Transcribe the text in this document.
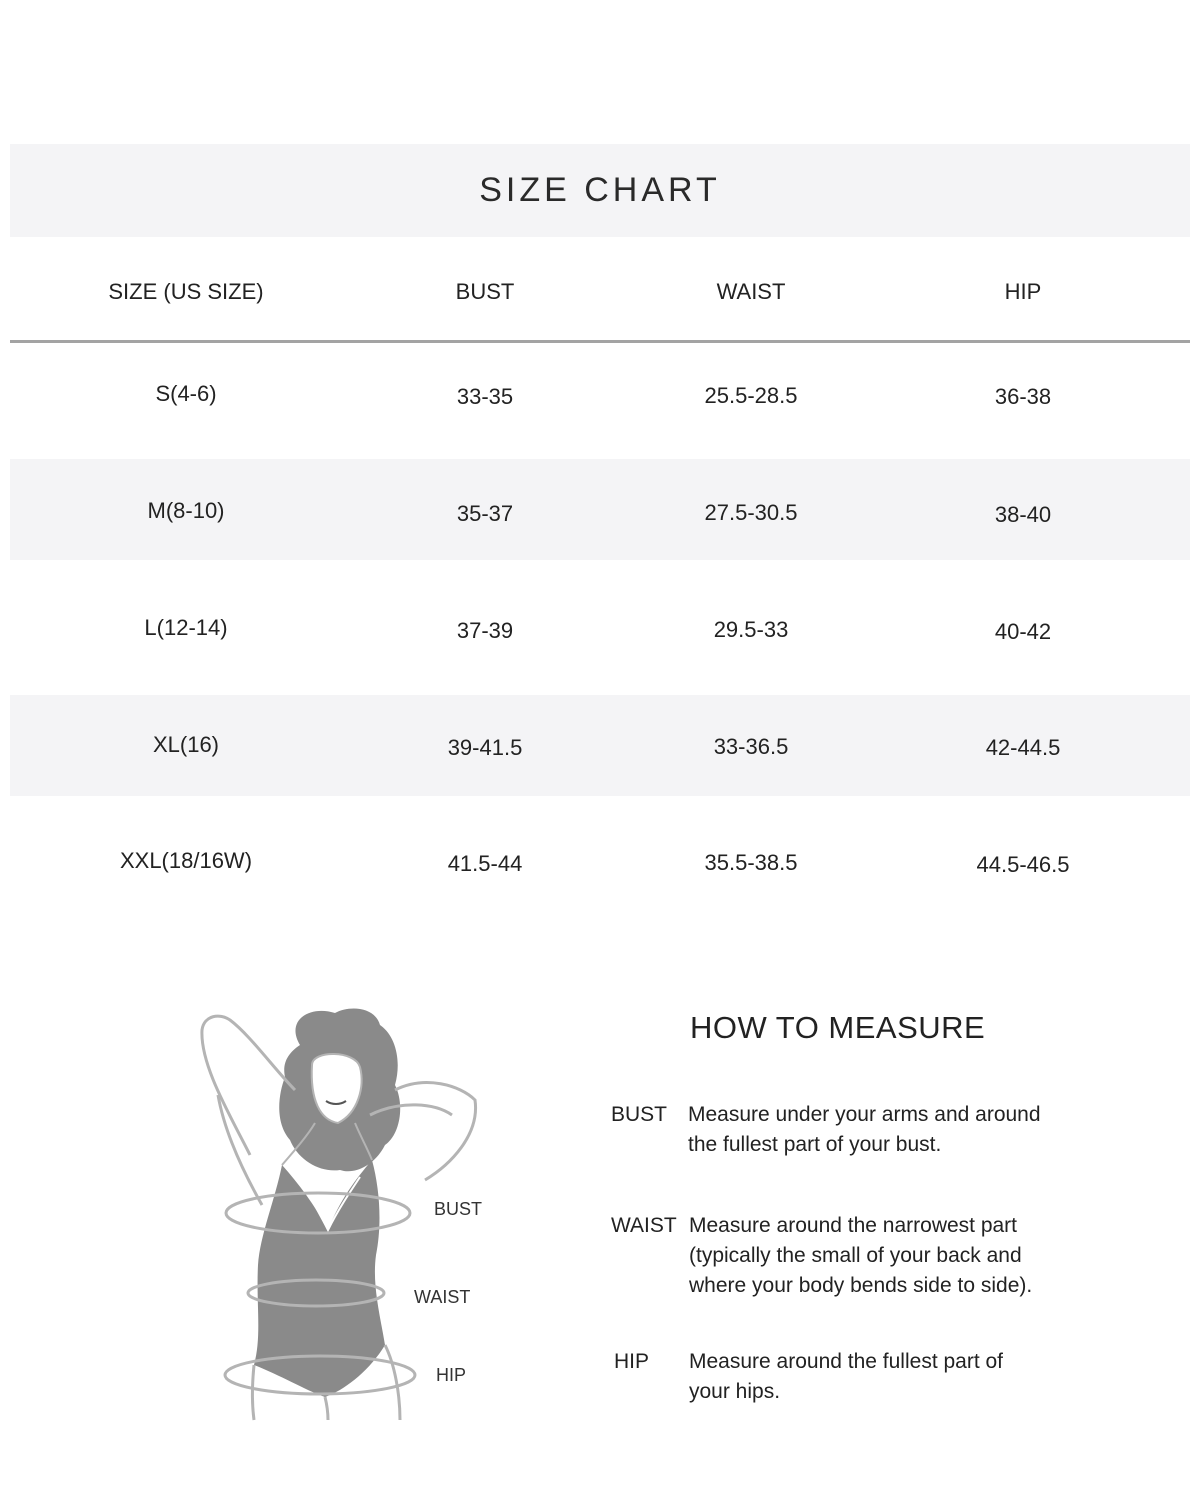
SIZE CHART
SIZE (US SIZE)	BUST	WAIST	HIP
S(4-6)	33-35	25.5-28.5	36-38
M(8-10)	35-37	27.5-30.5	38-40
L(12-14)	37-39	29.5-33	40-42
XL(16)	39-41.5	33-36.5	42-44.5
XXL(18/16W)	41.5-44	35.5-38.5	44.5-46.5
BUST
WAIST
HIP
HOW TO MEASURE
BUST Measure under your arms and around
the fullest part of your bust.

WAIST Measure around the narrowest part
(typically the small of your back and
where your body bends side to side).

HIP Measure around the fullest part of
your hips.
